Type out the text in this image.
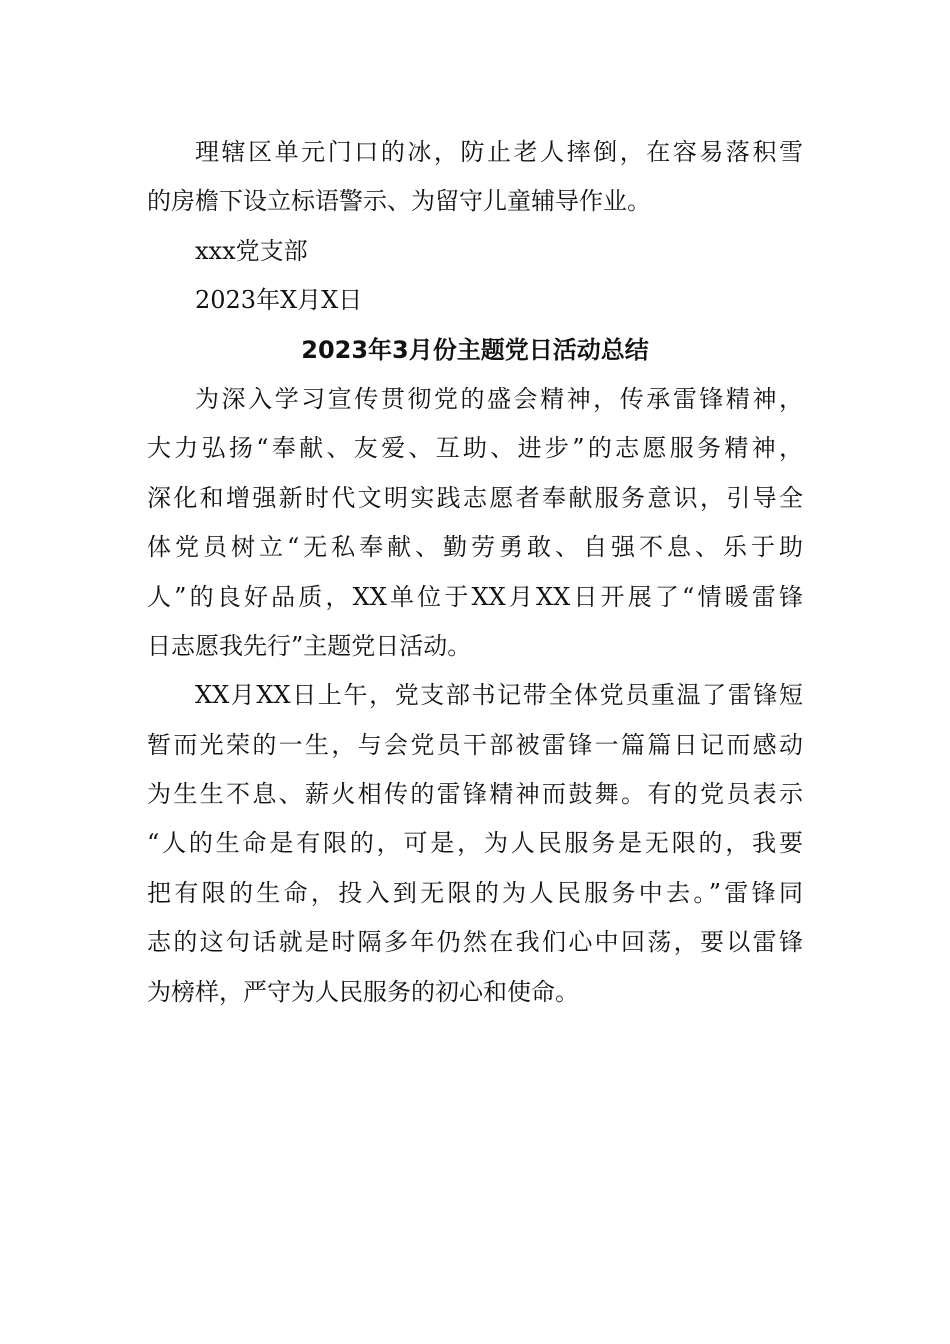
理辖区单元门口的冰，防止老人摔倒，在容易落积雪
的房檐下设立标语警示、为留守儿童辅导作业。
xxx党支部
2023年X月X日
2023年3月份主题党日活动总结
为深入学习宣传贯彻党的盛会精神，传承雷锋精神，
大力弘扬“奉献、友爱、互助、进步”的志愿服务精神，
深化和增强新时代文明实践志愿者奉献服务意识，引导全
体党员树立“无私奉献、勤劳勇敢、自强不息、乐于助
人”的良好品质，XX单位于XX月XX日开展了“情暖雷锋
日志愿我先行”主题党日活动。
XX月XX日上午，党支部书记带全体党员重温了雷锋短
暂而光荣的一生，与会党员干部被雷锋一篇篇日记而感动
为生生不息、薪火相传的雷锋精神而鼓舞。有的党员表示
“人的生命是有限的，可是，为人民服务是无限的，我要
把有限的生命，投入到无限的为人民服务中去。”雷锋同
志的这句话就是时隔多年仍然在我们心中回荡，要以雷锋
为榜样，严守为人民服务的初心和使命。
